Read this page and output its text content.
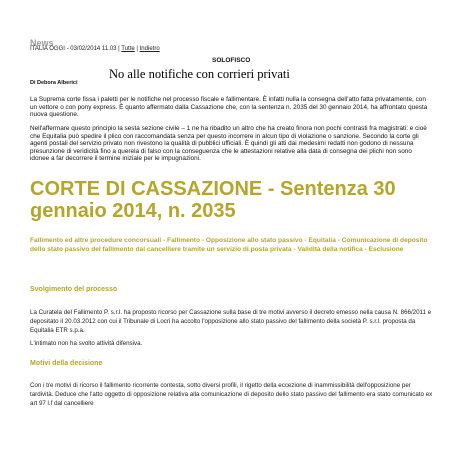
News
ITALIA OGGI - 03/02/2014 11.03 | Tutte | Indietro
SOLOFISCO
No alle notifiche con corrieri privati
Di Debora Alberici
La Suprema corte fissa i paletti per le notifiche nel processo fiscale e fallimentare. È infatti nulla la consegna dell'atto fatta privatamente, con un vettore o con pony express. È quanto affermato dalla Cassazione che, con la sentenza n. 2035 del 30 gennaio 2014, ha affrontato questa nuova questione.
Nell'affermare questo principio la sesta sezione civile – 1 ne ha ribadito un altro che ha creato finora non pochi contrasti fra magistrati: e cioè che Equitalia può spedire il plico con raccomandata senza per questo incorrere in alcun tipo di violazione o sanzione. Secondo la corte gli agenti postali del servizio privato non rivestono la qualità di pubblici ufficiali. È quindi gli atti dai medesimi redatti non godono di nessuna presunzione di veridicità fino a querela di falso con la conseguenza che le attestazioni relative alla data di consegna dei plichi non sono idonee a far decorrere il termine iniziale per le impugnazioni.
CORTE DI CASSAZIONE - Sentenza 30 gennaio 2014, n. 2035
Fallimento ed altre procedure concorsuali - Fallimento - Opposizione allo stato passivo - Equitalia - Comunicazione di deposito dello stato passivo del fallimento dal cancelliere tramite un servizio di posta privata - Validità della notifica - Esclusione
Svolgimento del processo
La Curatela del Fallimento P. s.r.l. ha proposto ricorso per Cassazione sulla base di tre motivi avverso il decreto emesso nella causa N. 866/2011 e depositato il 20.03.2012 con cui il Tribunale di Locri ha accolto l'opposizione allo stato passivo del fallimento della società P. s.r.l. proposta da Equitalia ETR s.p.a.
L'intimato non ha svolto attività difensiva.
Motivi della decisione
Con i tre motivi di ricorso il fallimento ricorrente contesta, sotto diversi profili, il rigetto della eccezione di inammissibilità dell'opposizione per tardività. Deduce che l'atto oggetto di opposizione relativa alla comunicazione di deposito dello stato passivo del fallimento era stato comunicato ex art 97 l.f dal cancelliere
